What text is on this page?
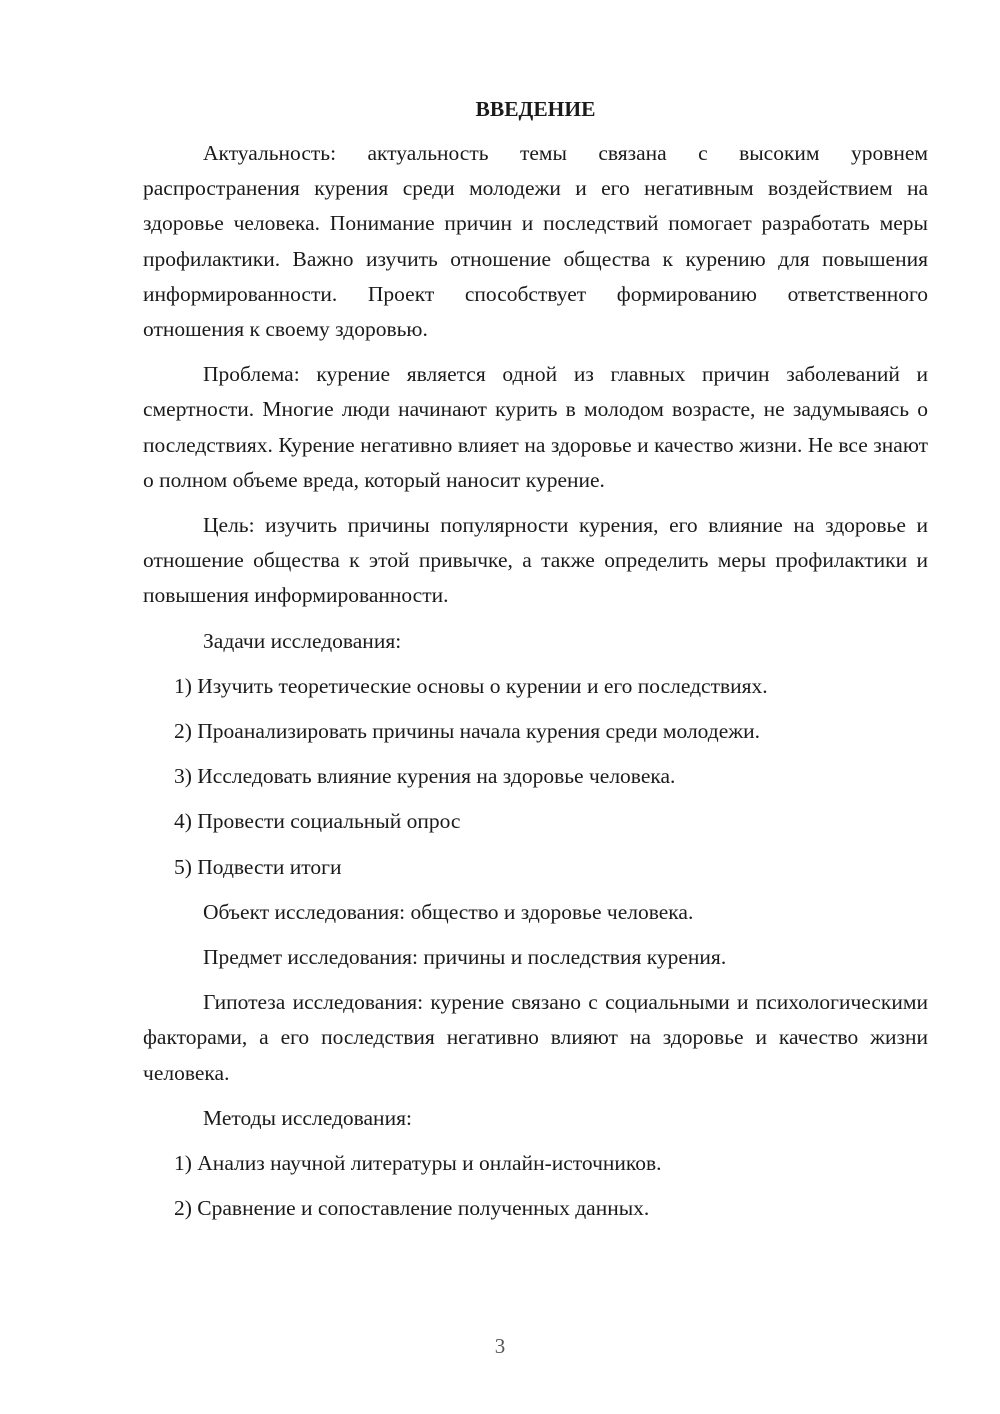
ВВЕДЕНИЕ

Актуальность: актуальность темы связана с высоким уровнем распространения курения среди молодежи и его негативным воздействием на здоровье человека. Понимание причин и последствий помогает разработать меры профилактики. Важно изучить отношение общества к курению для повышения информированности. Проект способствует формированию ответственного отношения к своему здоровью.

Проблема: курение является одной из главных причин заболеваний и смертности. Многие люди начинают курить в молодом возрасте, не задумываясь о последствиях. Курение негативно влияет на здоровье и качество жизни. Не все знают о полном объеме вреда, который наносит курение.

Цель: изучить причины популярности курения, его влияние на здоровье и отношение общества к этой привычке, а также определить меры профилактики и повышения информированности.

Задачи исследования:
1) Изучить теоретические основы о курении и его последствиях.
2) Проанализировать причины начала курения среди молодежи.
3) Исследовать влияние курения на здоровье человека.
4) Провести социальный опрос
5) Подвести итоги
Объект исследования: общество и здоровье человека.
Предмет исследования: причины и последствия курения.

Гипотеза исследования: курение связано с социальными и психологическими факторами, а его последствия негативно влияют на здоровье и качество жизни человека.

Методы исследования:
1) Анализ научной литературы и онлайн-источников.
2) Сравнение и сопоставление полученных данных.
3
